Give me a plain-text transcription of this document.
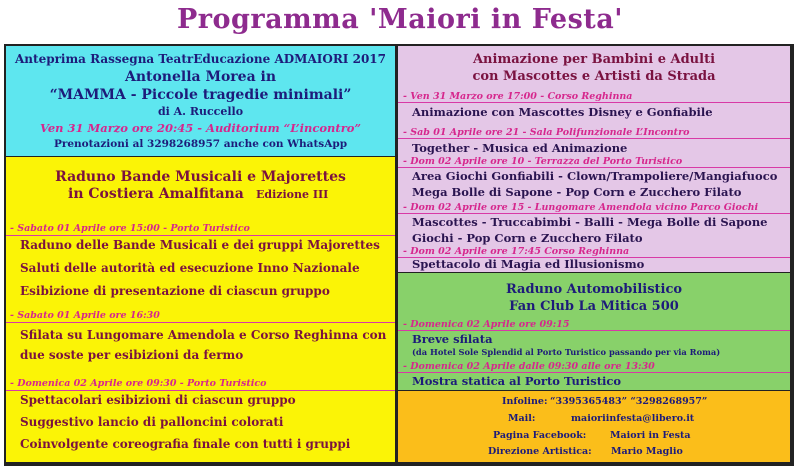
Programma 'Maiori in Festa'
Anteprima Rassegna TeatrEducazione ADMAIORI 2017
Antonella Morea in
“MAMMA - Piccole tragedie minimali”
di A. Ruccello
Ven 31 Marzo ore 20:45 - Auditorium “L’incontro”
Prenotazioni al 3298268957 anche con WhatsApp
Raduno Bande Musicali e Majorettes
in Costiera Amalfitana Edizione III
- Sabato 01 Aprile ore 15:00 - Porto Turistico
Raduno delle Bande Musicali e dei gruppi Majorettes
Saluti delle autorità ed esecuzione Inno Nazionale
Esibizione di presentazione di ciascun gruppo
- Sabato 01 Aprile ore 16:30
Sfilata su Lungomare Amendola e Corso Reghinna con
due soste per esibizioni da fermo
- Domenica 02 Aprile ore 09:30 - Porto Turistico
Spettacolari esibizioni di ciascun gruppo
Suggestivo lancio di palloncini colorati
Coinvolgente coreografia finale con tutti i gruppi
Animazione per Bambini e Adulti
con Mascottes e Artisti da Strada
- Ven 31 Marzo ore 17:00 - Corso Reghinna
Animazione con Mascottes Disney e Gonfiabile
- Sab 01 Aprile ore 21 - Sala Polifunzionale L’Incontro
Together - Musica ed Animazione
- Dom 02 Aprile ore 10 - Terrazza del Porto Turistico
Area Giochi Gonfiabili - Clown/Trampoliere/Mangiafuoco
Mega Bolle di Sapone - Pop Corn e Zucchero Filato
- Dom 02 Aprile ore 15 - Lungomare Amendola vicino Parco Giochi
Mascottes - Truccabimbi - Balli - Mega Bolle di Sapone
Giochi - Pop Corn e Zucchero Filato
- Dom 02 Aprile ore 17:45 Corso Reghinna
Spettacolo di Magia ed Illusionismo
Raduno Automobilistico
Fan Club La Mitica 500
- Domenica 02 Aprile ore 09:15
Breve sfilata
(da Hotel Sole Splendid al Porto Turistico passando per via Roma)
- Domenica 02 Aprile dalle 09:30 alle ore 13:30
Mostra statica al Porto Turistico
Infoline: “3395365483” “3298268957”
Mail:	maioriinfesta@libero.it
Pagina Facebook: Maiori in Festa
Direzione Artistica: Mario Maglio
